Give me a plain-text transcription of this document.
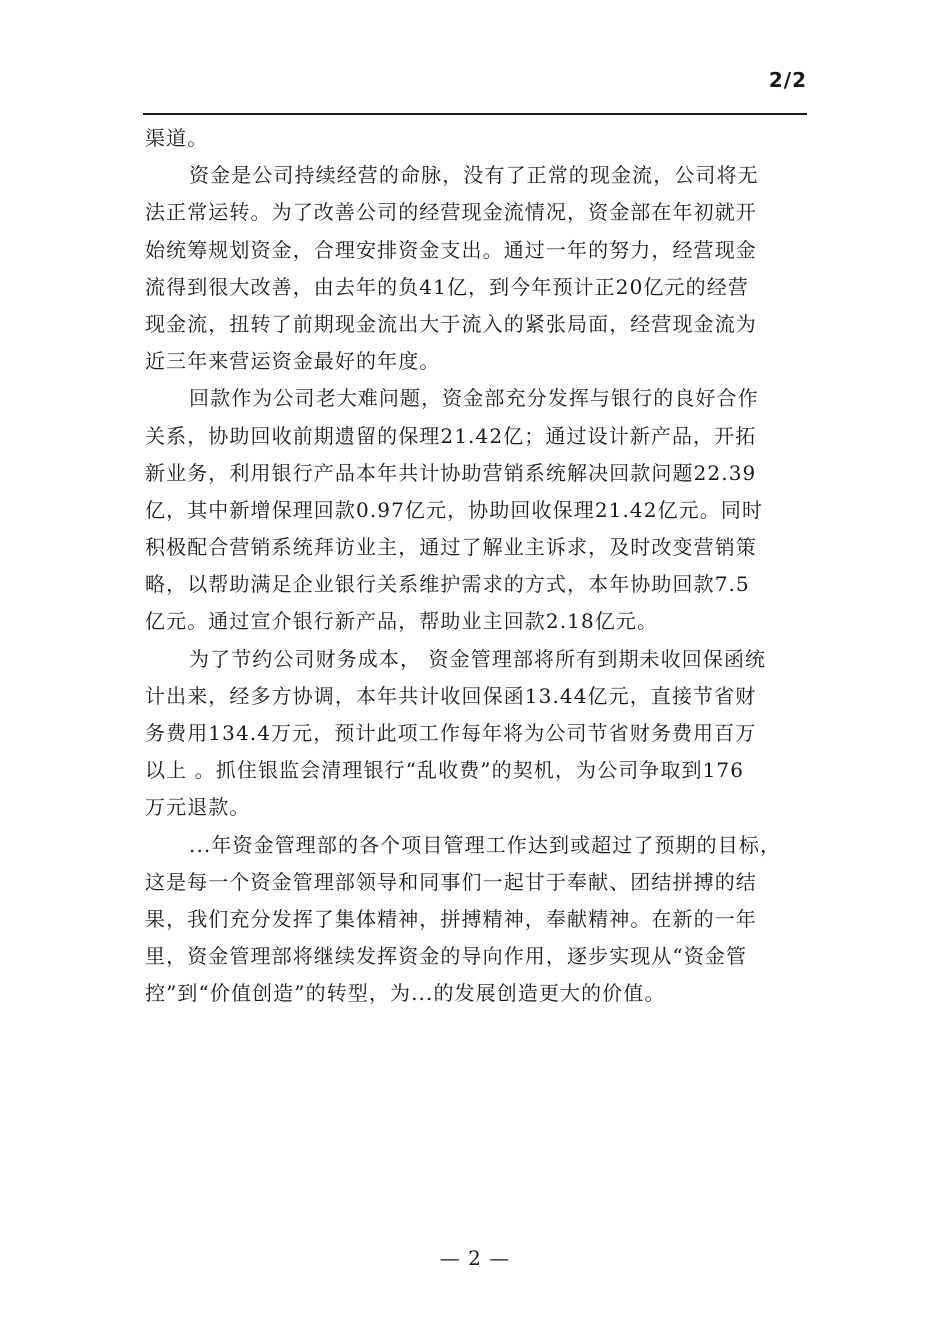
2/2
渠道。
资金是公司持续经营的命脉，没有了正常的现金流，公司将无
法正常运转。为了改善公司的经营现金流情况，资金部在年初就开
始统筹规划资金，合理安排资金支出。通过一年的努力，经营现金
流得到很大改善，由去年的负41亿，到今年预计正20亿元的经营
现金流，扭转了前期现金流出大于流入的紧张局面，经营现金流为
近三年来营运资金最好的年度。
回款作为公司老大难问题，资金部充分发挥与银行的良好合作
关系，协助回收前期遗留的保理21.42亿；通过设计新产品，开拓
新业务，利用银行产品本年共计协助营销系统解决回款问题22.39
亿，其中新增保理回款0.97亿元，协助回收保理21.42亿元。同时
积极配合营销系统拜访业主，通过了解业主诉求，及时改变营销策
略，以帮助满足企业银行关系维护需求的方式，本年协助回款7.5
亿元。通过宣介银行新产品，帮助业主回款2.18亿元。
为了节约公司财务成本， 资金管理部将所有到期未收回保函统
计出来，经多方协调，本年共计收回保函13.44亿元，直接节省财
务费用134.4万元，预计此项工作每年将为公司节省财务费用百万
以上 。抓住银监会清理银行“乱收费”的契机，为公司争取到176
万元退款。
...年资金管理部的各个项目管理工作达到或超过了预期的目标，
这是每一个资金管理部领导和同事们一起甘于奉献、团结拼搏的结
果，我们充分发挥了集体精神，拼搏精神，奉献精神。在新的一年
里，资金管理部将继续发挥资金的导向作用，逐步实现从“资金管
控”到“价值创造”的转型，为...的发展创造更大的价值。
— 2 —
